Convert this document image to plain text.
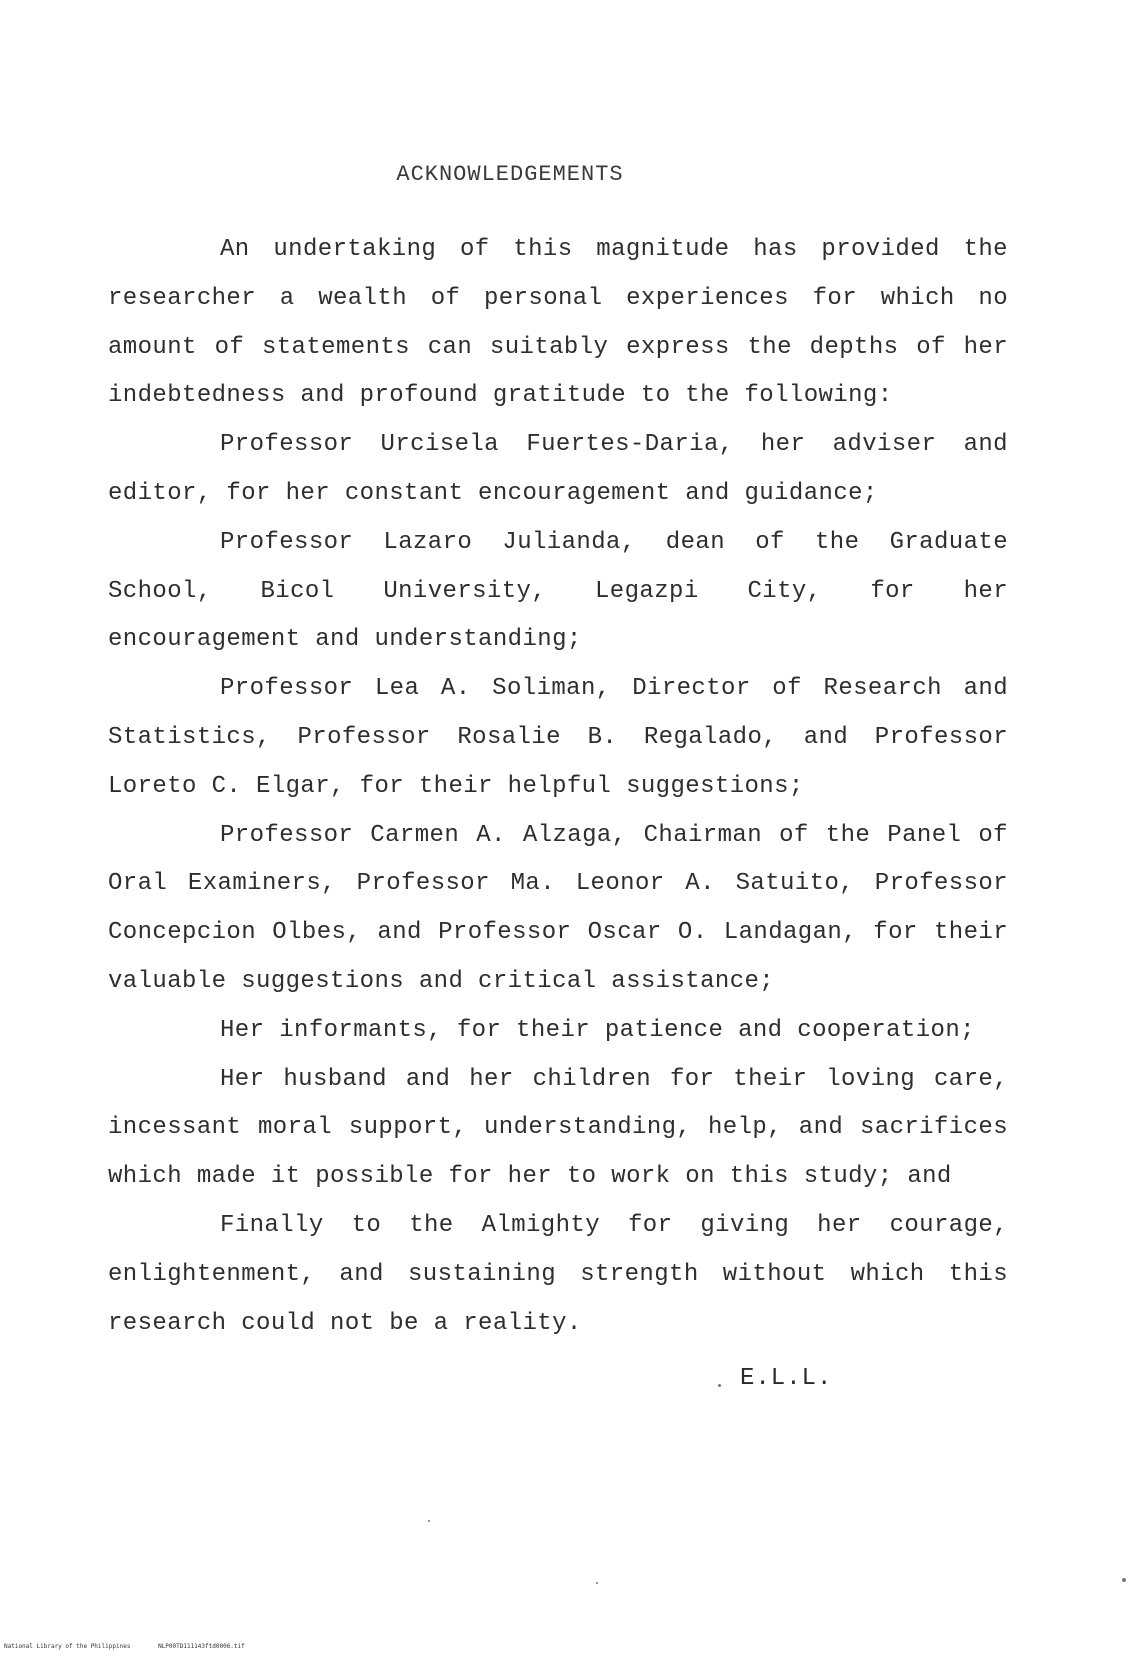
ACKNOWLEDGEMENTS

An undertaking of this magnitude has provided the researcher a wealth of personal experiences for which no amount of statements can suitably express the depths of her indebtedness and profound gratitude to the following:

Professor Urcisela Fuertes-Daria, her adviser and editor, for her constant encouragement and guidance;

Professor Lazaro Julianda, dean of the Graduate School, Bicol University, Legazpi City, for her encouragement and understanding;

Professor Lea A. Soliman, Director of Research and Statistics, Professor Rosalie B. Regalado, and Professor Loreto C. Elgar, for their helpful suggestions;

Professor Carmen A. Alzaga, Chairman of the Panel of Oral Examiners, Professor Ma. Leonor A. Satuito, Professor Concepcion Olbes, and Professor Oscar O. Landagan, for their valuable suggestions and critical assistance;

Her informants, for their patience and cooperation;

Her husband and her children for their loving care, incessant moral support, understanding, help, and sacrifices which made it possible for her to work on this study; and

Finally to the Almighty for giving her courage, enlightenment, and sustaining strength without which this research could not be a reality.

E.L.L.
National Library of the Philippines	NLP00TD111143ftd0006.tif
